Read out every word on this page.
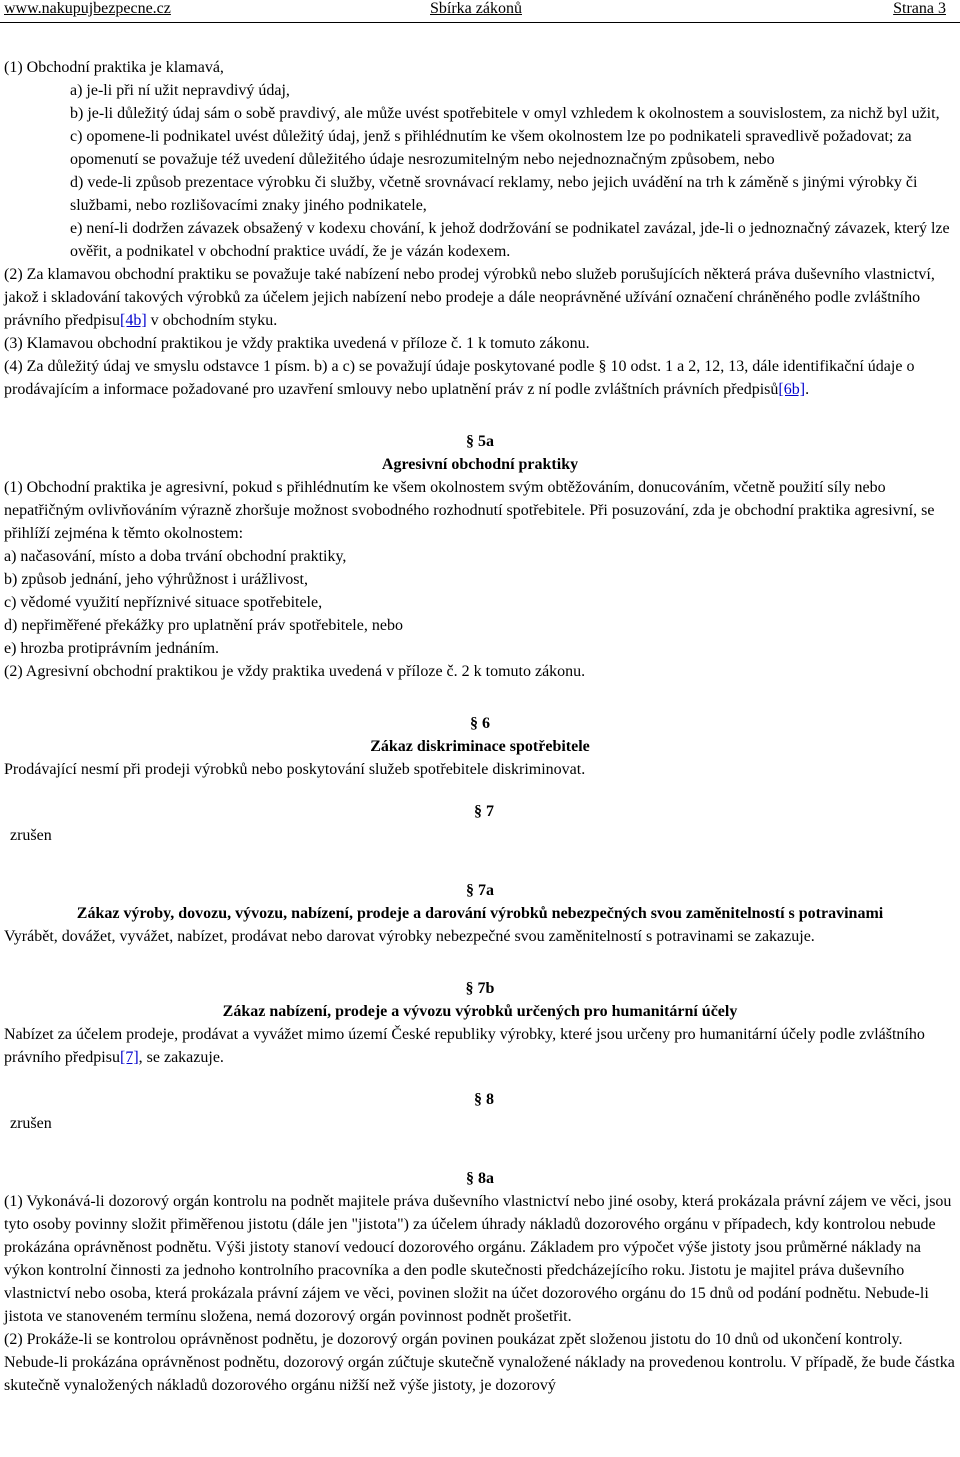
www.nakupujbezpecne.cz	Sbírka zákonů	Strana 3

(1) Obchodní praktika je klamavá,

a) je-li při ní užit nepravdivý údaj,

b) je-li důležitý údaj sám o sobě pravdivý, ale může uvést spotřebitele v omyl vzhledem k okolnostem a souvislostem, za nichž byl užit,

c) opomene-li podnikatel uvést důležitý údaj, jenž s přihlédnutím ke všem okolnostem lze po podnikateli spravedlivě požadovat; za opomenutí se považuje též uvedení důležitého údaje nesrozumitelným nebo nejednoznačným způsobem, nebo

d) vede-li způsob prezentace výrobku či služby, včetně srovnávací reklamy, nebo jejich uvádění na trh k záměně s jinými výrobky či službami, nebo rozlišovacími znaky jiného podnikatele,

e) není-li dodržen závazek obsažený v kodexu chování, k jehož dodržování se podnikatel zavázal, jde-li o jednoznačný závazek, který lze ověřit, a podnikatel v obchodní praktice uvádí, že je vázán kodexem.

(2) Za klamavou obchodní praktiku se považuje také nabízení nebo prodej výrobků nebo služeb porušujících některá práva duševního vlastnictví, jakož i skladování takových výrobků za účelem jejich nabízení nebo prodeje a dále neoprávněné užívání označení chráněného podle zvláštního právního předpisu[4b] v obchodním styku.

(3) Klamavou obchodní praktikou je vždy praktika uvedená v příloze č. 1 k tomuto zákonu.

(4) Za důležitý údaj ve smyslu odstavce 1 písm. b) a c) se považují údaje poskytované podle § 10 odst. 1 a 2, 12, 13, dále identifikační údaje o prodávajícím a informace požadované pro uzavření smlouvy nebo uplatnění práv z ní podle zvláštních právních předpisů[6b].

§ 5a

Agresivní obchodní praktiky

(1) Obchodní praktika je agresivní, pokud s přihlédnutím ke všem okolnostem svým obtěžováním, donucováním, včetně použití síly nebo nepatřičným ovlivňováním výrazně zhoršuje možnost svobodného rozhodnutí spotřebitele. Při posuzování, zda je obchodní praktika agresivní, se přihlíží zejména k těmto okolnostem:

a) načasování, místo a doba trvání obchodní praktiky,

b) způsob jednání, jeho výhrůžnost i urážlivost,

c) vědomé využití nepříznivé situace spotřebitele,

d) nepřiměřené překážky pro uplatnění práv spotřebitele, nebo

e) hrozba protiprávním jednáním.

(2) Agresivní obchodní praktikou je vždy praktika uvedená v příloze č. 2 k tomuto zákonu.

§ 6

Zákaz diskriminace spotřebitele

Prodávající nesmí při prodeji výrobků nebo poskytování služeb spotřebitele diskriminovat.

§ 7
zrušen

§ 7a

Zákaz výroby, dovozu, vývozu, nabízení, prodeje a darování výrobků nebezpečných svou zaměnitelností s potravinami

Vyrábět, dovážet, vyvážet, nabízet, prodávat nebo darovat výrobky nebezpečné svou zaměnitelností s potravinami se zakazuje.

§ 7b

Zákaz nabízení, prodeje a vývozu výrobků určených pro humanitární účely

Nabízet za účelem prodeje, prodávat a vyvážet mimo území České republiky výrobky, které jsou určeny pro humanitární účely podle zvláštního právního předpisu[7], se zakazuje.

§ 8
zrušen

§ 8a

(1) Vykonává-li dozorový orgán kontrolu na podnět majitele práva duševního vlastnictví nebo jiné osoby, která prokázala právní zájem ve věci, jsou tyto osoby povinny složit přiměřenou jistotu (dále jen "jistota") za účelem úhrady nákladů dozorového orgánu v případech, kdy kontrolou nebude prokázána oprávněnost podnětu. Výši jistoty stanoví vedoucí dozorového orgánu. Základem pro výpočet výše jistoty jsou průměrné náklady na výkon kontrolní činnosti za jednoho kontrolního pracovníka a den podle skutečnosti předcházejícího roku. Jistotu je majitel práva duševního vlastnictví nebo osoba, která prokázala právní zájem ve věci, povinen složit na účet dozorového orgánu do 15 dnů od podání podnětu. Nebude-li jistota ve stanoveném termínu složena, nemá dozorový orgán povinnost podnět prošetřit.

(2) Prokáže-li se kontrolou oprávněnost podnětu, je dozorový orgán povinen poukázat zpět složenou jistotu do 10 dnů od ukončení kontroly. Nebude-li prokázána oprávněnost podnětu, dozorový orgán zúčtuje skutečně vynaložené náklady na provedenou kontrolu. V případě, že bude částka skutečně vynaložených nákladů dozorového orgánu nižší než výše jistoty, je dozorový
